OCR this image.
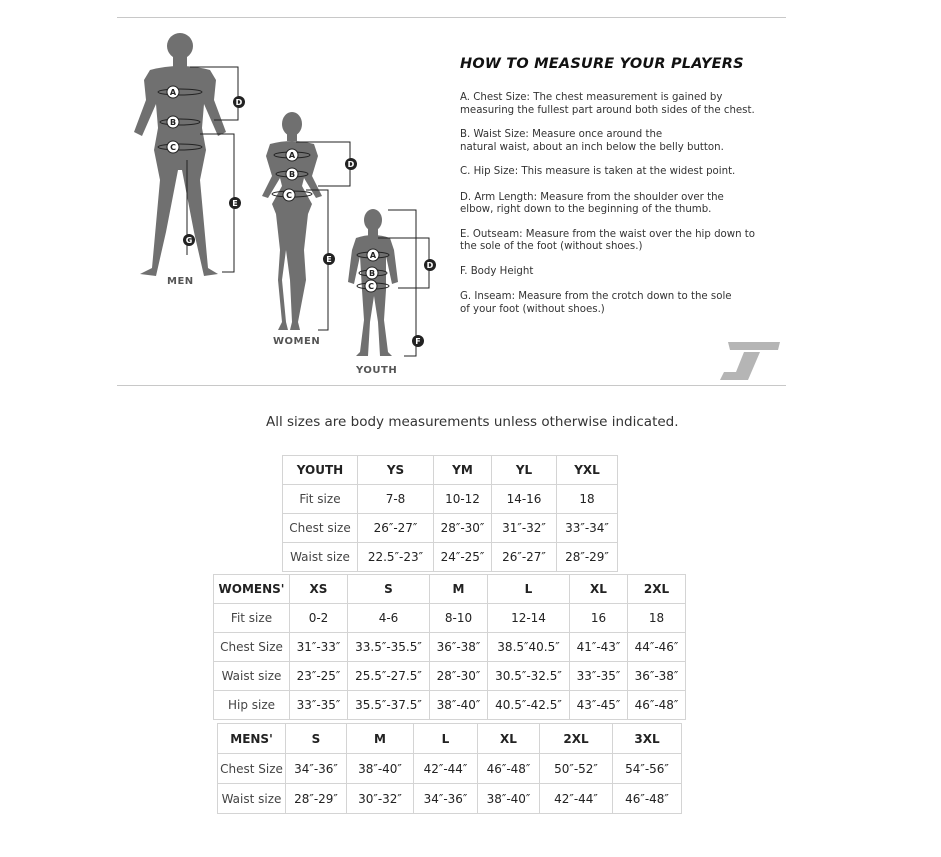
A
B
C
D
E
G
A
B
C
D
E	A
B
C
D
F
MEN
WOMEN
YOUTH
HOW TO MEASURE YOUR PLAYERS
A. Chest Size: The chest measurement is gained by
measuring the fullest part around both sides of the chest.
B. Waist Size: Measure once around the
natural waist, about an inch below the belly button.
C. Hip Size: This measure is taken at the widest point.
D. Arm Length: Measure from the shoulder over the
elbow, right down to the beginning of the thumb.
E. Outseam: Measure from the waist over the hip down to
the sole of the foot (without shoes.)
F. Body Height
G. Inseam: Measure from the crotch down to the sole
of your foot (without shoes.)
All sizes are body measurements unless otherwise indicated.
YOUTH	YS	YM	YL	YXL
Fit size	7-8	10-12	14-16	18
Chest size	26″-27″	28″-30″	31″-32″	33″-34″
Waist size	22.5″-23″	24″-25″	26″-27″	28″-29″
WOMENS'	XS	S	M	L	XL	2XL
Fit size	0-2	4-6	8-10	12-14	16	18
Chest Size	31″-33″	33.5″-35.5″	36″-38″	38.5″40.5″	41″-43″	44″-46″
Waist size	23″-25″	25.5″-27.5″	28″-30″	30.5″-32.5″	33″-35″	36″-38″
Hip size	33″-35″	35.5″-37.5″	38″-40″	40.5″-42.5″	43″-45″	46″-48″
MENS'	S	M	L	XL	2XL	3XL
Chest Size	34″-36″	38″-40″	42″-44″	46″-48″	50″-52″	54″-56″
Waist size	28″-29″	30″-32″	34″-36″	38″-40″	42″-44″	46″-48″
